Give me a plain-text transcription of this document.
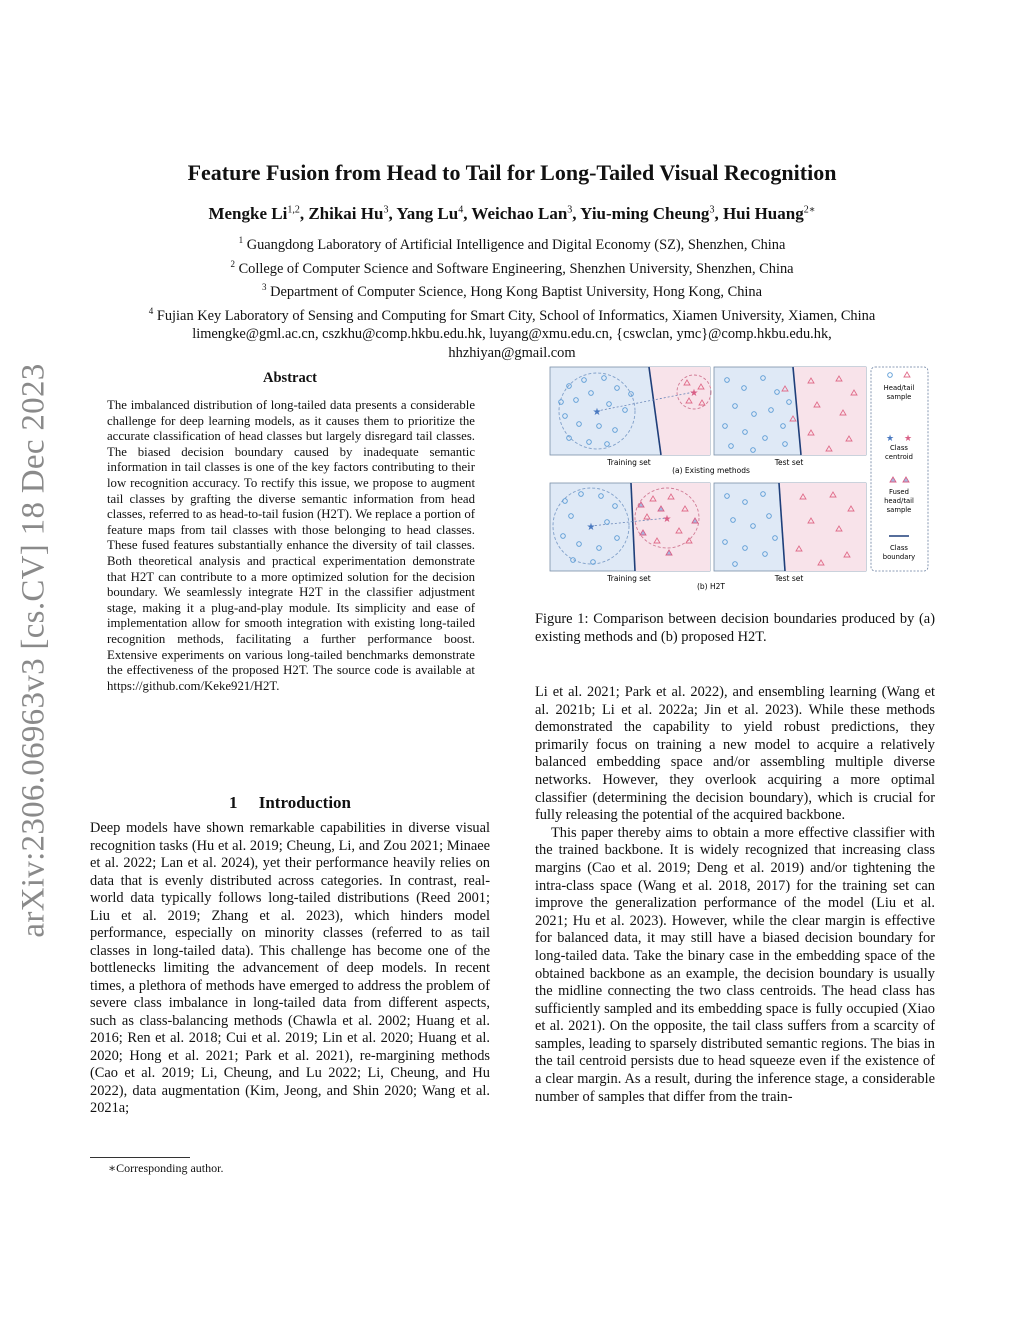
arXiv:2306.06963v3 [cs.CV] 18 Dec 2023
Feature Fusion from Head to Tail for Long-Tailed Visual Recognition
Mengke Li$^{1,2}$, Zhikai Hu$^3$, Yang Lu$^4$, Weichao Lan$^3$, Yiu-ming Cheung$^3$, Hui Huang$^{2∗}$
$^1$ Guangdong Laboratory of Artificial Intelligence and Digital Economy (SZ), Shenzhen, China
$^2$ College of Computer Science and Software Engineering, Shenzhen University, Shenzhen, China
$^3$ Department of Computer Science, Hong Kong Baptist University, Hong Kong, China
$^4$ Fujian Key Laboratory of Sensing and Computing for Smart City, School of Informatics, Xiamen University, Xiamen, China
limengke@gml.ac.cn, cszkhu@comp.hkbu.edu.hk, luyang@xmu.edu.cn, {cswclan, ymc}@comp.hkbu.edu.hk,
hhzhiyan@gmail.com
Abstract
The imbalanced distribution of long-tailed data presents a considerable challenge for deep learning models, as it causes them to prioritize the accurate classification of head classes but largely disregard tail classes. The biased decision boundary caused by inadequate semantic information in tail classes is one of the key factors contributing to their low recognition accuracy. To rectify this issue, we propose to augment tail classes by grafting the diverse semantic information from head classes, referred to as head-to-tail fusion (H2T). We replace a portion of feature maps from tail classes with those belonging to head classes. These fused features substantially enhance the diversity of tail classes. Both theoretical analysis and practical experimentation demonstrate that H2T can contribute to a more optimized solution for the decision boundary. We seamlessly integrate H2T in the classifier adjustment stage, making it a plug-and-play module. Its simplicity and ease of implementation allow for smooth integration with existing long-tailed recognition methods, facilitating a further performance boost. Extensive experiments on various long-tailed benchmarks demonstrate the effectiveness of the proposed H2T. The source code is available at https://github.com/Keke921/H2T.
1     Introduction

Deep models have shown remarkable capabilities in diverse visual recognition tasks (Hu et al. 2019; Cheung, Li, and Zou 2021; Minaee et al. 2022; Lan et al. 2024), yet their performance heavily relies on data that is evenly distributed across categories. In contrast, real-world data typically follows long-tailed distributions (Reed 2001; Liu et al. 2019; Zhang et al. 2023), which hinders model performance, especially on minority classes (referred to as tail classes in long-tailed data). This challenge has become one of the bottlenecks limiting the advancement of deep models. In recent times, a plethora of methods have emerged to address the problem of severe class imbalance in long-tailed data from different aspects, such as class-balancing methods (Chawla et al. 2002; Huang et al. 2016; Ren et al. 2018; Cui et al. 2019; Lin et al. 2020; Huang et al. 2020; Hong et al. 2021; Park et al. 2021), re-margining methods (Cao et al. 2019; Li, Cheung, and Lu 2022; Li, Cheung, and Hu 2022), data augmentation (Kim, Jeong, and Shin 2020; Wang et al. 2021a;

∗Corresponding author.
★
★
Training set	Test set
(a) Existing methods
★
★
Training set	Test set
(b) H2T
Head/tail
sample
★ ★
Class
centroid
Fused
head/tail
sample
Class
boundary
Figure 1: Comparison between decision boundaries produced by (a) existing methods and (b) proposed H2T.

Li et al. 2021; Park et al. 2022), and ensembling learning (Wang et al. 2021b; Li et al. 2022a; Jin et al. 2023). While these methods demonstrated the capability to yield robust predictions, they primarily focus on training a new model to acquire a relatively balanced embedding space and/or assembling multiple diverse networks. However, they overlook acquiring a more optimal classifier (determining the decision boundary), which is crucial for fully releasing the potential of the acquired backbone.

This paper thereby aims to obtain a more effective classifier with the trained backbone. It is widely recognized that increasing class margins (Cao et al. 2019; Deng et al. 2019) and/or tightening the intra-class space (Wang et al. 2018, 2017) for the training set can improve the generalization performance of the model (Liu et al. 2021; Hu et al. 2023). However, while the clear margin is effective for balanced data, it may still have a biased decision boundary for long-tailed data. Take the binary case in the embedding space of the obtained backbone as an example, the decision boundary is usually the midline connecting the two class centroids. The head class has sufficiently sampled and its embedding space is fully occupied (Xiao et al. 2021). On the opposite, the tail class suffers from a scarcity of samples, leading to sparsely distributed semantic regions. The bias in the tail centroid persists due to head squeeze even if the existence of a clear margin. As a result, during the inference stage, a considerable number of samples that differ from the train-
